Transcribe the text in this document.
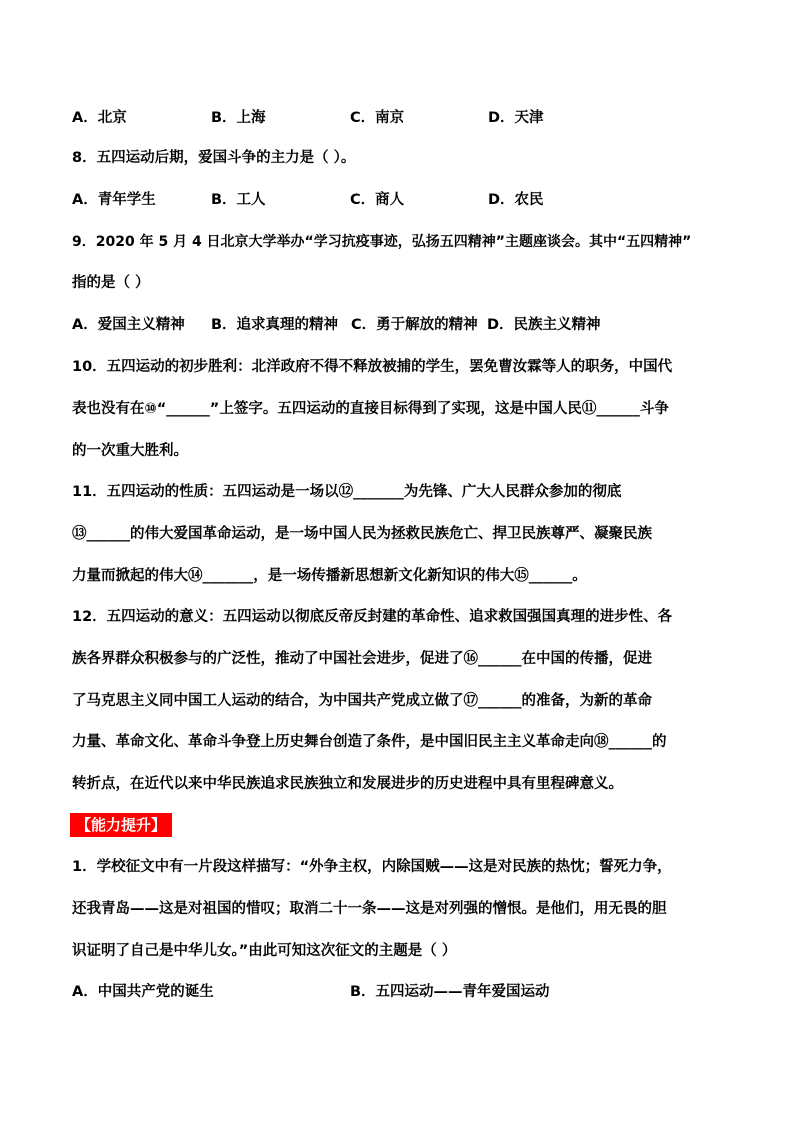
A．北京	B．上海	C．南京	D．天津
8．五四运动后期，爱国斗争的主力是（ ）。
A．青年学生	B．工人	C．商人	D．农民
9．2020 年 5 月 4 日北京大学举办“学习抗疫事迹，弘扬五四精神”主题座谈会。其中“五四精神”
指的是（ ）
A．爱国主义精神 B．追求真理的精神 C．勇于解放的精神 D．民族主义精神
10．五四运动的初步胜利：北洋政府不得不释放被捕的学生，罢免曹汝霖等人的职务，中国代
表也没有在⑩“______”上签字。五四运动的直接目标得到了实现，这是中国人民⑪______斗争
的一次重大胜利。
11．五四运动的性质：五四运动是一场以⑫_______为先锋、广大人民群众参加的彻底
⑬______的伟大爱国革命运动，是一场中国人民为拯救民族危亡、捍卫民族尊严、凝聚民族
力量而掀起的伟大⑭_______，是一场传播新思想新文化新知识的伟大⑮______。
12．五四运动的意义：五四运动以彻底反帝反封建的革命性、追求救国强国真理的进步性、各
族各界群众积极参与的广泛性，推动了中国社会进步，促进了⑯______在中国的传播，促进
了马克思主义同中国工人运动的结合，为中国共产党成立做了⑰______的准备，为新的革命
力量、革命文化、革命斗争登上历史舞台创造了条件，是中国旧民主主义革命走向⑱______的
转折点，在近代以来中华民族追求民族独立和发展进步的历史进程中具有里程碑意义。
【能力提升】
1．学校征文中有一片段这样描写：“外争主权，内除国贼——这是对民族的热忱；誓死力争，
还我青岛——这是对祖国的惜叹；取消二十一条——这是对列强的憎恨。是他们，用无畏的胆
识证明了自己是中华儿女。”由此可知这次征文的主题是（ ）
A．中国共产党的诞生	B．五四运动——青年爱国运动
